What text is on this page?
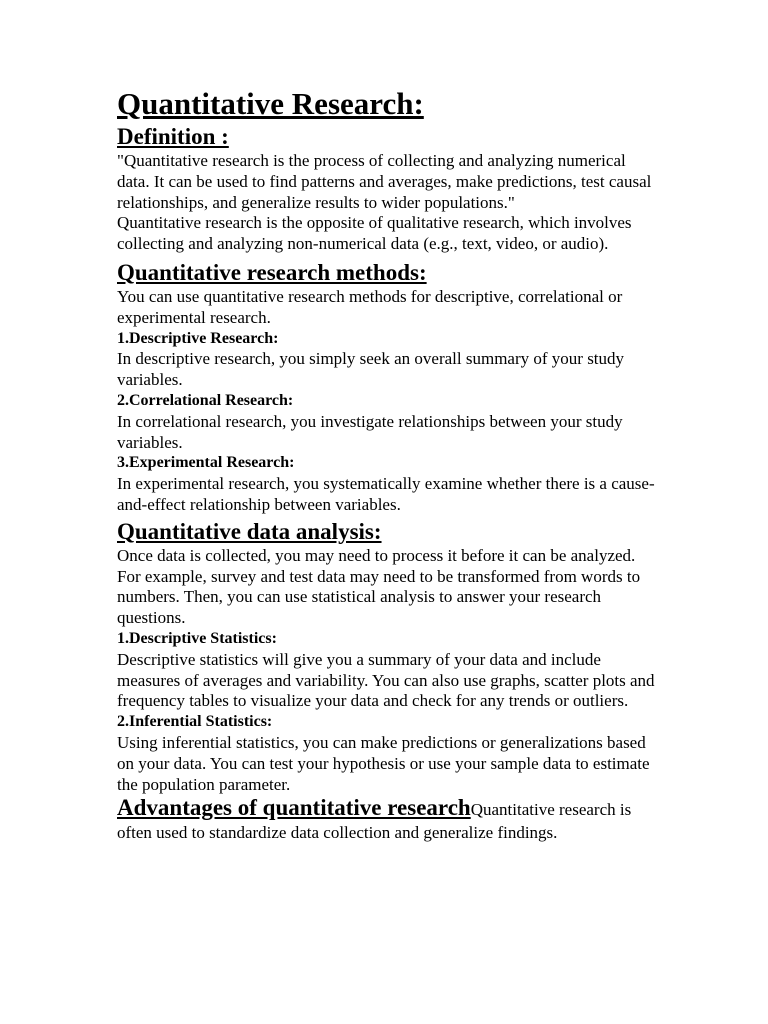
Quantitative Research:
Definition :

"Quantitative research is the process of collecting and analyzing numerical data. It can be used to find patterns and averages, make predictions, test causal relationships, and generalize results to wider populations."

Quantitative research is the opposite of qualitative research, which involves collecting and analyzing non-numerical data (e.g., text, video, or audio).

Quantitative research methods:

You can use quantitative research methods for descriptive, correlational or experimental research.

1.Descriptive Research:

In descriptive research, you simply seek an overall summary of your study variables.

2.Correlational Research:

In correlational research, you investigate relationships between your study variables.

3.Experimental Research:

In experimental research, you systematically examine whether there is a cause-and-effect relationship between variables.

Quantitative data analysis:

Once data is collected, you may need to process it before it can be analyzed. For example, survey and test data may need to be transformed from words to numbers. Then, you can use statistical analysis to answer your research questions.

1.Descriptive Statistics:

Descriptive statistics will give you a summary of your data and include measures of averages and variability. You can also use graphs, scatter plots and frequency tables to visualize your data and check for any trends or outliers.

2.Inferential Statistics:

Using inferential statistics, you can make predictions or generalizations based on your data. You can test your hypothesis or use your sample data to estimate the population parameter.

Advantages of quantitative researchQuantitative research is often used to standardize data collection and generalize findings.
